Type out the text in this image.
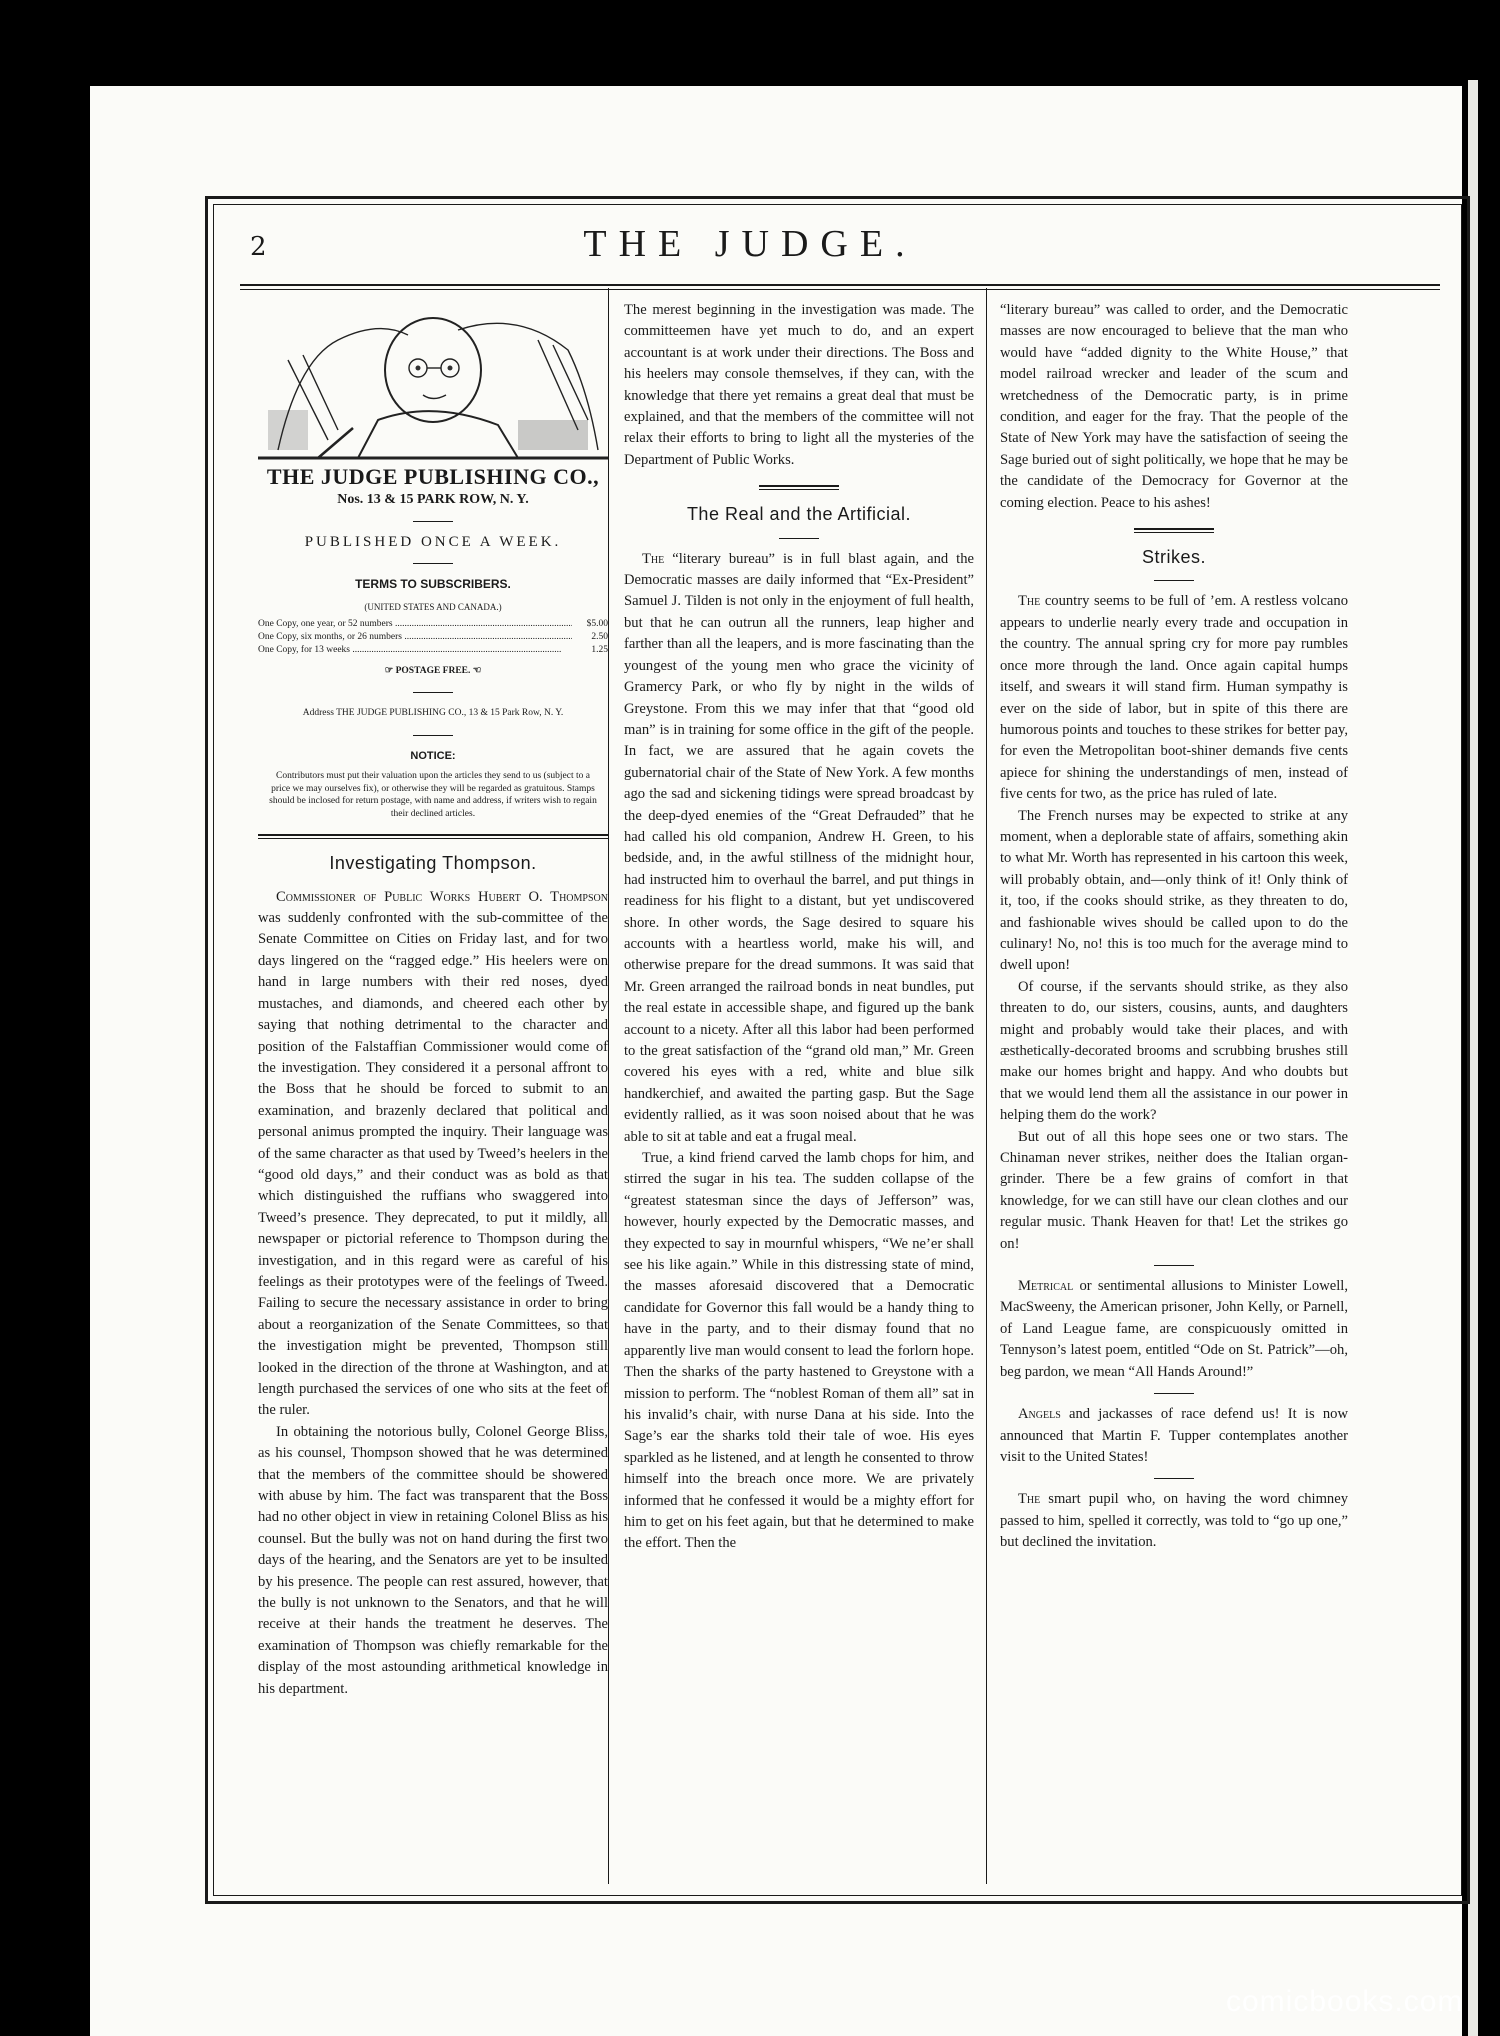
2	THE JUDGE.
THE JUDGE PUBLISHING CO.,
Nos. 13 & 15 PARK ROW, N. Y.
PUBLISHED ONCE A WEEK.
TERMS TO SUBSCRIBERS.
(UNITED STATES AND CANADA.)
One Copy, one year, or 52 numbers .....	$5.00
One Copy, six months, or 26 numbers .....	2.50
One Copy, for 13 weeks .....	1.25
☞ POSTAGE FREE. ☜
Address THE JUDGE PUBLISHING CO., 13 & 15 Park Row, N. Y.
NOTICE:
Contributors must put their valuation upon the articles they send to us (subject to a price we may ourselves fix), or otherwise they will be regarded as gratuitous. Stamps should be inclosed for return postage, with name and address, if writers wish to regain their declined articles.
Investigating Thompson.

Commissioner of Public Works Hubert O. Thompson was suddenly confronted with the sub-committee of the Senate Committee on Cities on Friday last, and for two days lingered on the “ragged edge.” His heelers were on hand in large numbers with their red noses, dyed mustaches, and diamonds, and cheered each other by saying that nothing detrimental to the character and position of the Falstaffian Commissioner would come of the investigation. They considered it a personal affront to the Boss that he should be forced to submit to an examination, and brazenly declared that political and personal animus prompted the inquiry. Their language was of the same character as that used by Tweed’s heelers in the “good old days,” and their conduct was as bold as that which distinguished the ruffians who swaggered into Tweed’s presence. They deprecated, to put it mildly, all newspaper or pictorial reference to Thompson during the investigation, and in this regard were as careful of his feelings as their prototypes were of the feelings of Tweed. Failing to secure the necessary assistance in order to bring about a reorganization of the Senate Committees, so that the investigation might be prevented, Thompson still looked in the direction of the throne at Washington, and at length purchased the services of one who sits at the feet of the ruler.

In obtaining the notorious bully, Colonel George Bliss, as his counsel, Thompson showed that he was determined that the members of the committee should be showered with abuse by him. The fact was transparent that the Boss had no other object in view in retaining Colonel Bliss as his counsel. But the bully was not on hand during the first two days of the hearing, and the Senators are yet to be insulted by his presence. The people can rest assured, however, that the bully is not unknown to the Senators, and that he will receive at their hands the treatment he deserves. The examination of Thompson was chiefly remarkable for the display of the most astounding arithmetical knowledge in his department.

The merest beginning in the investigation was made. The committeemen have yet much to do, and an expert accountant is at work under their directions. The Boss and his heelers may console themselves, if they can, with the knowledge that there yet remains a great deal that must be explained, and that the members of the committee will not relax their efforts to bring to light all the mysteries of the Department of Public Works.

The Real and the Artificial.

The “literary bureau” is in full blast again, and the Democratic masses are daily informed that “Ex-President” Samuel J. Tilden is not only in the enjoyment of full health, but that he can outrun all the runners, leap higher and farther than all the leapers, and is more fascinating than the youngest of the young men who grace the vicinity of Gramercy Park, or who fly by night in the wilds of Greystone. From this we may infer that that “good old man” is in training for some office in the gift of the people. In fact, we are assured that he again covets the gubernatorial chair of the State of New York. A few months ago the sad and sickening tidings were spread broadcast by the deep-dyed enemies of the “Great Defrauded” that he had called his old companion, Andrew H. Green, to his bedside, and, in the awful stillness of the midnight hour, had instructed him to overhaul the barrel, and put things in readiness for his flight to a distant, but yet undiscovered shore. In other words, the Sage desired to square his accounts with a heartless world, make his will, and otherwise prepare for the dread summons. It was said that Mr. Green arranged the railroad bonds in neat bundles, put the real estate in accessible shape, and figured up the bank account to a nicety. After all this labor had been performed to the great satisfaction of the “grand old man,” Mr. Green covered his eyes with a red, white and blue silk handkerchief, and awaited the parting gasp. But the Sage evidently rallied, as it was soon noised about that he was able to sit at table and eat a frugal meal.

True, a kind friend carved the lamb chops for him, and stirred the sugar in his tea. The sudden collapse of the “greatest statesman since the days of Jefferson” was, however, hourly expected by the Democratic masses, and they expected to say in mournful whispers, “We ne’er shall see his like again.” While in this distressing state of mind, the masses aforesaid discovered that a Democratic candidate for Governor this fall would be a handy thing to have in the party, and to their dismay found that no apparently live man would consent to lead the forlorn hope. Then the sharks of the party hastened to Greystone with a mission to perform. The “noblest Roman of them all” sat in his invalid’s chair, with nurse Dana at his side. Into the Sage’s ear the sharks told their tale of woe. His eyes sparkled as he listened, and at length he consented to throw himself into the breach once more. We are privately informed that he confessed it would be a mighty effort for him to get on his feet again, but that he determined to make the effort. Then the

“literary bureau” was called to order, and the Democratic masses are now encouraged to believe that the man who would have “added dignity to the White House,” that model railroad wrecker and leader of the scum and wretchedness of the Democratic party, is in prime condition, and eager for the fray. That the people of the State of New York may have the satisfaction of seeing the Sage buried out of sight politically, we hope that he may be the candidate of the Democracy for Governor at the coming election. Peace to his ashes!

Strikes.

The country seems to be full of ’em. A restless volcano appears to underlie nearly every trade and occupation in the country. The annual spring cry for more pay rumbles once more through the land. Once again capital humps itself, and swears it will stand firm. Human sympathy is ever on the side of labor, but in spite of this there are humorous points and touches to these strikes for better pay, for even the Metropolitan boot-shiner demands five cents apiece for shining the understandings of men, instead of five cents for two, as the price has ruled of late.

The French nurses may be expected to strike at any moment, when a deplorable state of affairs, something akin to what Mr. Worth has represented in his cartoon this week, will probably obtain, and—only think of it! Only think of it, too, if the cooks should strike, as they threaten to do, and fashionable wives should be called upon to do the culinary! No, no! this is too much for the average mind to dwell upon!

Of course, if the servants should strike, as they also threaten to do, our sisters, cousins, aunts, and daughters might and probably would take their places, and with æsthetically-decorated brooms and scrubbing brushes still make our homes bright and happy. And who doubts but that we would lend them all the assistance in our power in helping them do the work?

But out of all this hope sees one or two stars. The Chinaman never strikes, neither does the Italian organ-grinder. There be a few grains of comfort in that knowledge, for we can still have our clean clothes and our regular music. Thank Heaven for that! Let the strikes go on!

Metrical or sentimental allusions to Minister Lowell, MacSweeny, the American prisoner, John Kelly, or Parnell, of Land League fame, are conspicuously omitted in Tennyson’s latest poem, entitled “Ode on St. Patrick”—oh, beg pardon, we mean “All Hands Around!”

Angels and jackasses of race defend us! It is now announced that Martin F. Tupper contemplates another visit to the United States!

The smart pupil who, on having the word chimney passed to him, spelled it correctly, was told to “go up one,” but declined the invitation.

comicbooks.com
